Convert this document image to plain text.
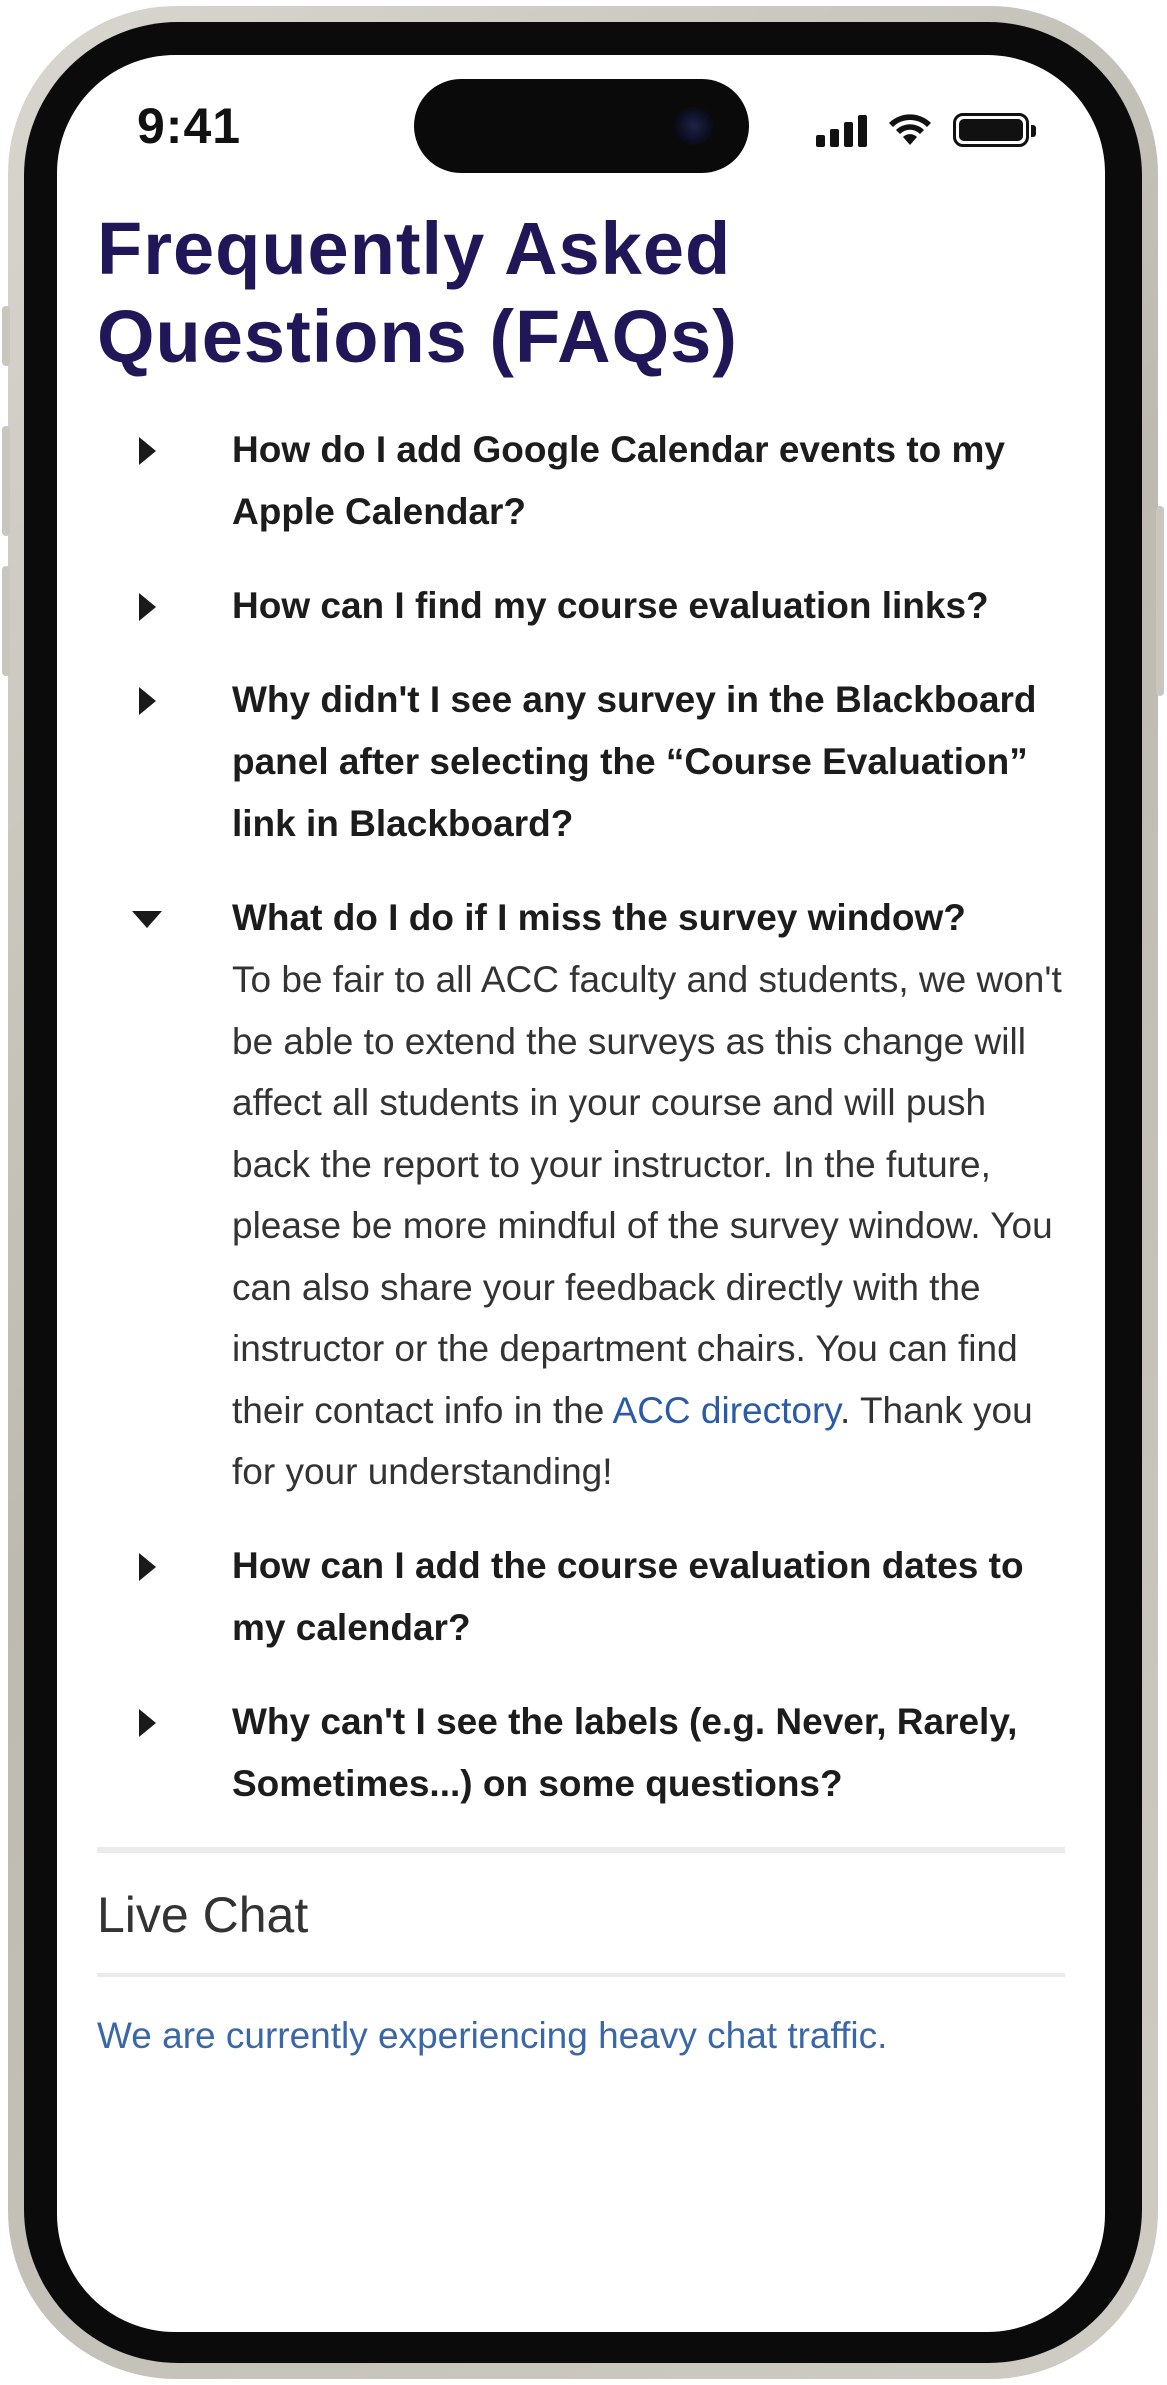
9:41
Frequently Asked Questions (FAQs)
How do I add Google Calendar events to my Apple Calendar?
How can I find my course evaluation links?
Why didn't I see any survey in the Blackboard panel after selecting the “Course Evaluation” link in Blackboard?
What do I do if I miss the survey window?
To be fair to all ACC faculty and students, we won't be able to extend the surveys as this change will affect all students in your course and will push back the report to your instructor. In the future, please be more mindful of the survey window. You can also share your feedback directly with the instructor or the department chairs. You can find their contact info in the ACC directory. Thank you for your understanding!
How can I add the course evaluation dates to my calendar?
Why can't I see the labels (e.g. Never, Rarely, Sometimes...) on some questions?
Live Chat
We are currently experiencing heavy chat traffic.
